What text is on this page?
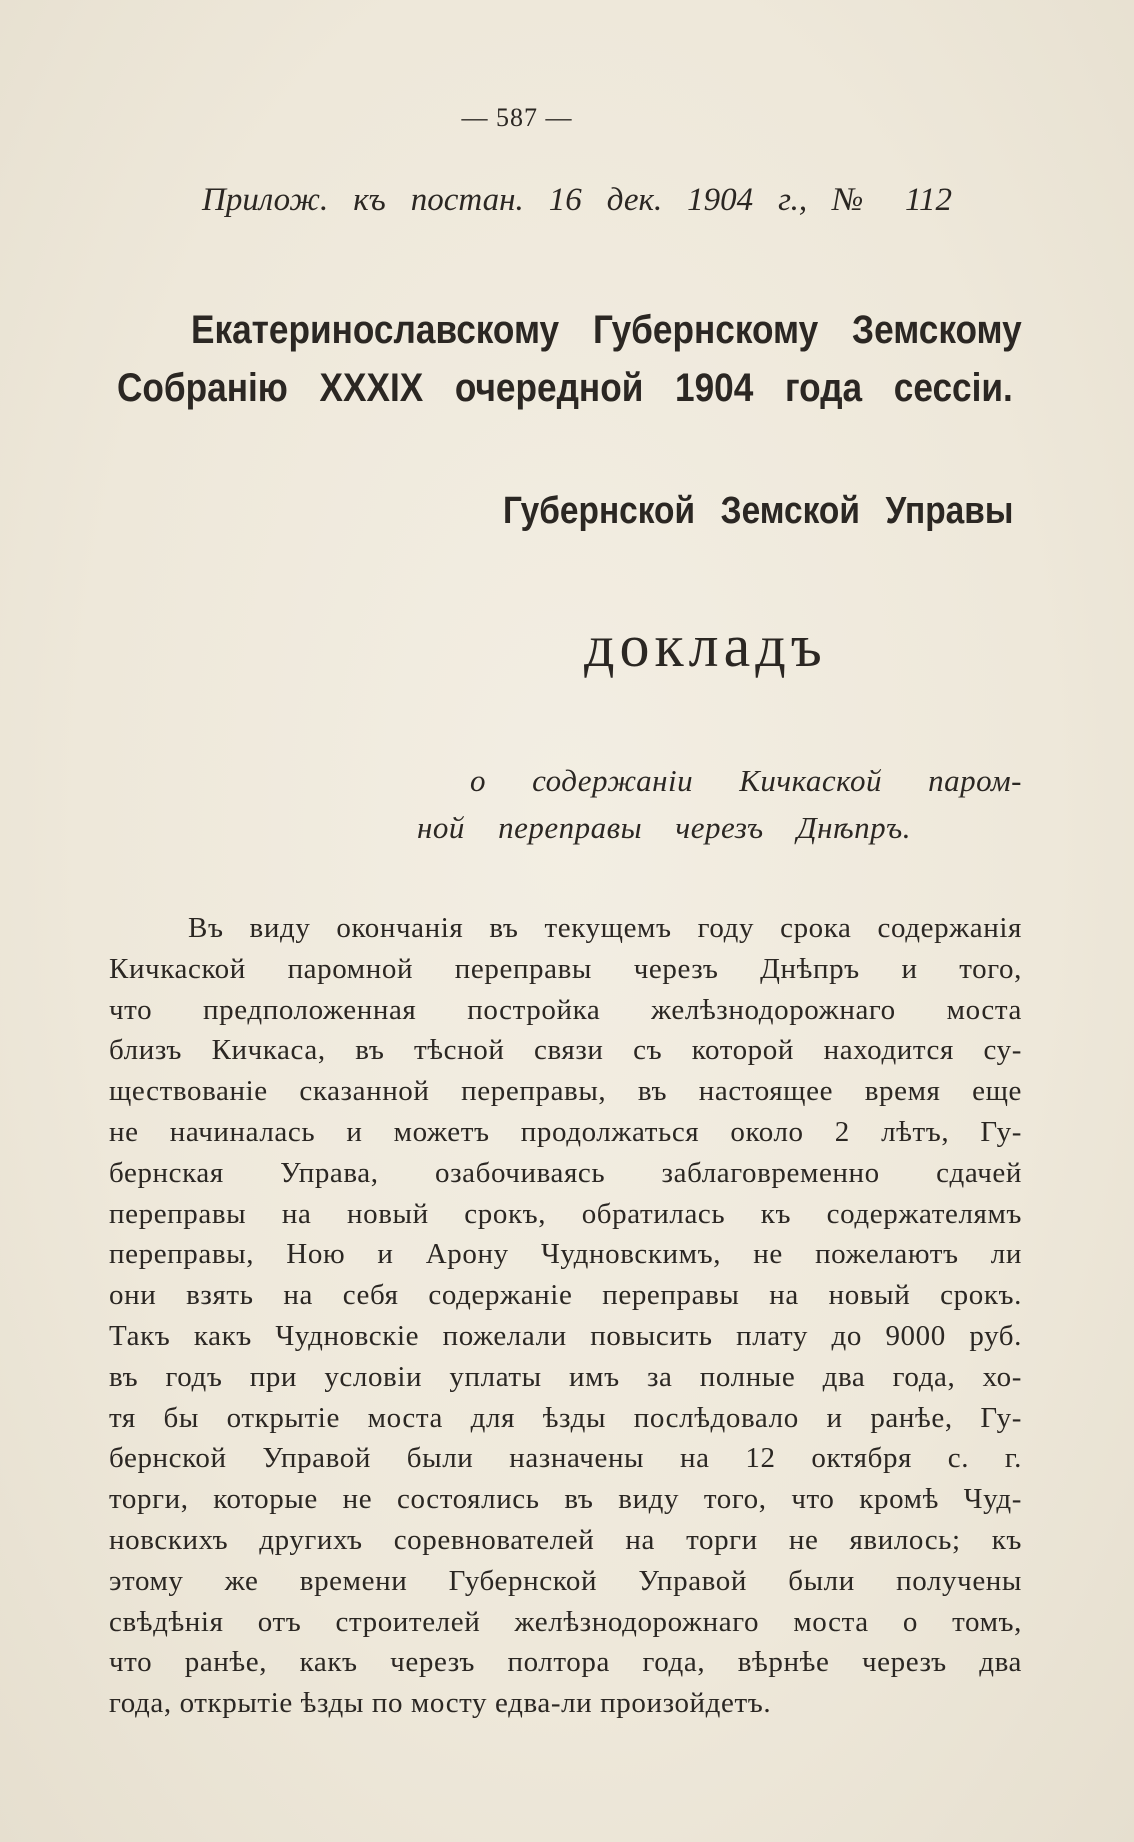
— 587 —
Прилож. къ постан. 16 дек. 1904 г., № 112
Екатеринославскому Губернскому Земскому
Собранію XXXIX очередной 1904 года сессіи.
Губернской Земской Управы
докладъ
о содержаніи Кичкаской паром-
ной переправы черезъ Днѣпръ.
Въ виду окончанія въ текущемъ году срока содержанія
Кичкаской паромной переправы черезъ Днѣпръ и того,
что предположенная постройка желѣзнодорожнаго моста
близъ Кичкаса, въ тѣсной связи съ которой находится су-
ществованіе сказанной переправы, въ настоящее время еще
не начиналась и можетъ продолжаться около 2 лѣтъ, Гу-
бернская Управа, озабочиваясь заблаговременно сдачей
переправы на новый срокъ, обратилась къ содержателямъ
переправы, Ною и Арону Чудновскимъ, не пожелаютъ ли
они взять на себя содержаніе переправы на новый срокъ.
Такъ какъ Чудновскіе пожелали повысить плату до 9000 руб.
въ годъ при условіи уплаты имъ за полные два года, хо-
тя бы открытіе моста для ѣзды послѣдовало и ранѣе, Гу-
бернской Управой были назначены на 12 октября с. г.
торги, которые не состоялись въ виду того, что кромѣ Чуд-
новскихъ другихъ соревнователей на торги не явилось; къ
этому же времени Губернской Управой были получены
свѣдѣнія отъ строителей желѣзнодорожнаго моста о томъ,
что ранѣе, какъ черезъ полтора года, вѣрнѣе черезъ два
года, открытіе ѣзды по мосту едва-ли произойдетъ.
